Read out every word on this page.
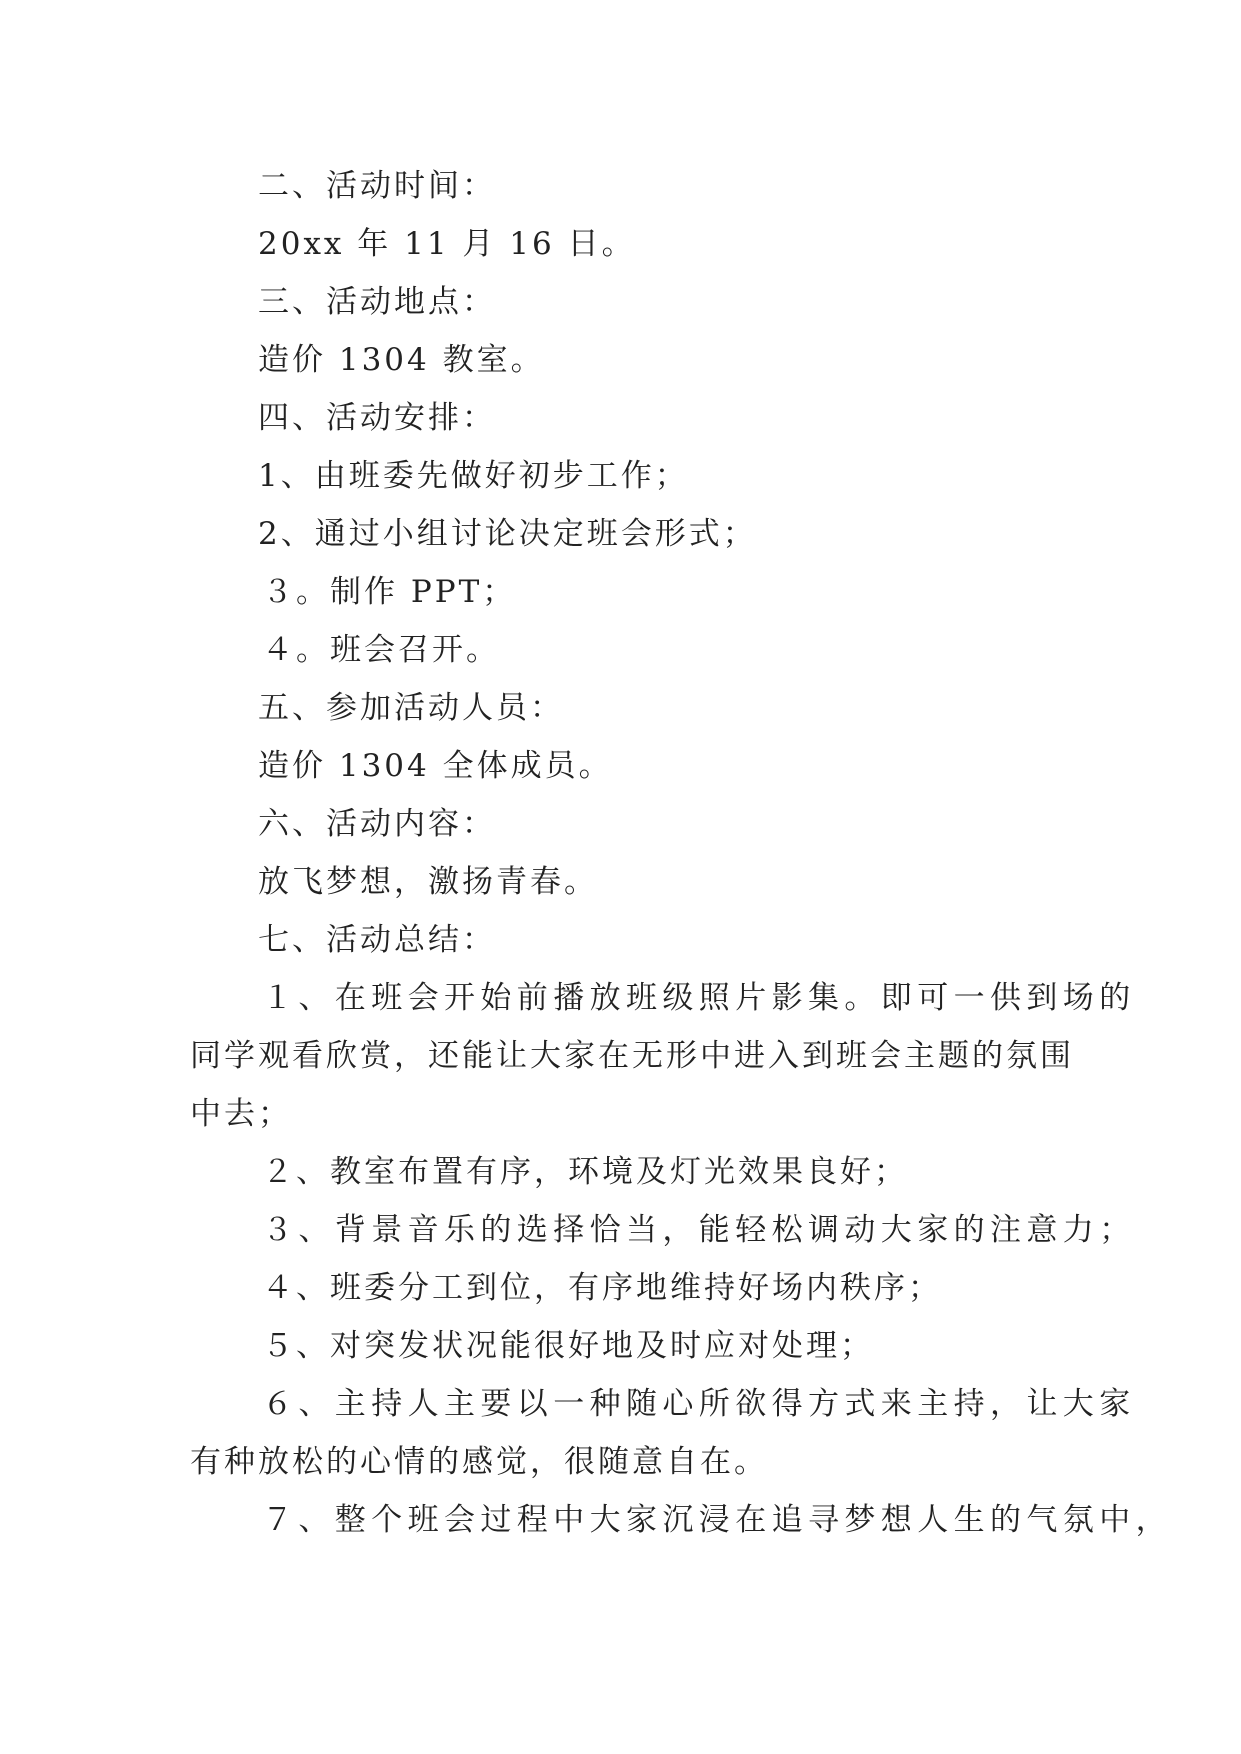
二、活动时间：

20xx 年 11 月 16 日。

三、活动地点：

造价 1304 教室。

四、活动安排：

1、由班委先做好初步工作；

2、通过小组讨论决定班会形式；

３。制作 PPT；

４。班会召开。

五、参加活动人员：

造价 1304 全体成员。

六、活动内容：

放飞梦想，激扬青春。

七、活动总结：

１、在班会开始前播放班级照片影集。即可一供到场的

同学观看欣赏，还能让大家在无形中进入到班会主题的氛围

中去；

２、教室布置有序，环境及灯光效果良好；

３、背景音乐的选择恰当，能轻松调动大家的注意力；

４、班委分工到位，有序地维持好场内秩序；

５、对突发状况能很好地及时应对处理；

６、主持人主要以一种随心所欲得方式来主持，让大家

有种放松的心情的感觉，很随意自在。

７、整个班会过程中大家沉浸在追寻梦想人生的气氛中，
